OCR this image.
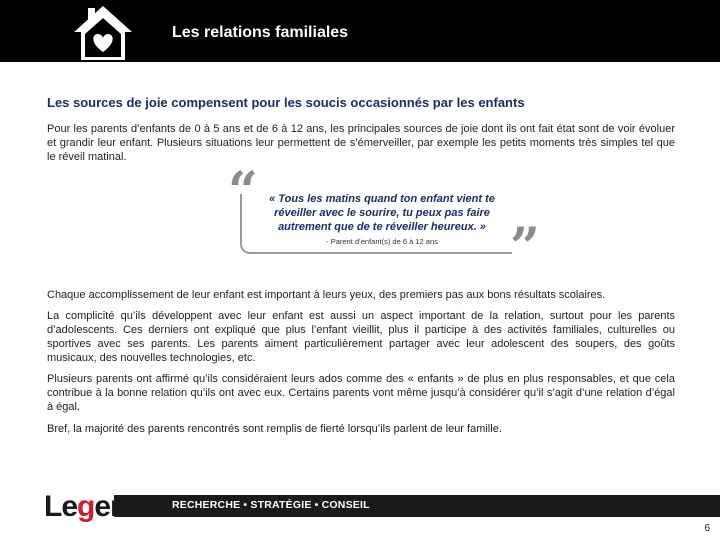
Les relations familiales
Les sources de joie compensent pour les soucis occasionnés par les enfants
Pour les parents d’enfants de 0 à 5 ans et de 6 à 12 ans, les principales sources de joie dont ils ont fait état sont de voir évoluer et grandir leur enfant. Plusieurs situations leur permettent de s’émerveiller, par exemple les petits moments très simples tel que le réveil matinal.
“	« Tous les matins quand ton enfant vient te réveiller avec le sourire, tu peux pas faire autrement que de te réveiller heureux. »
- Parent d’enfant(s) de 6 à 12 ans	”
Chaque accomplissement de leur enfant est important à leurs yeux, des premiers pas aux bons résultats scolaires.
La complicité qu’ils développent avec leur enfant est aussi un aspect important de la relation, surtout pour les parents d’adolescents. Ces derniers ont expliqué que plus l’enfant vieillit, plus il participe à des activités familiales, culturelles ou sportives avec ses parents. Les parents aiment particulièrement partager avec leur adolescent des soupers, des goûts musicaux, des nouvelles technologies, etc.
Plusieurs parents ont affirmé qu’ils considéraient leurs ados comme des « enfants » de plus en plus responsables, et que cela contribue à la bonne relation qu’ils ont avec eux. Certains parents vont même jusqu’à considérer qu’il s’agit d’une relation d’égal à égal.
Bref, la majorité des parents rencontrés sont remplis de fierté lorsqu’ils parlent de leur famille.
RECHERCHE • STRATÉGIE • CONSEIL
Leger
6
